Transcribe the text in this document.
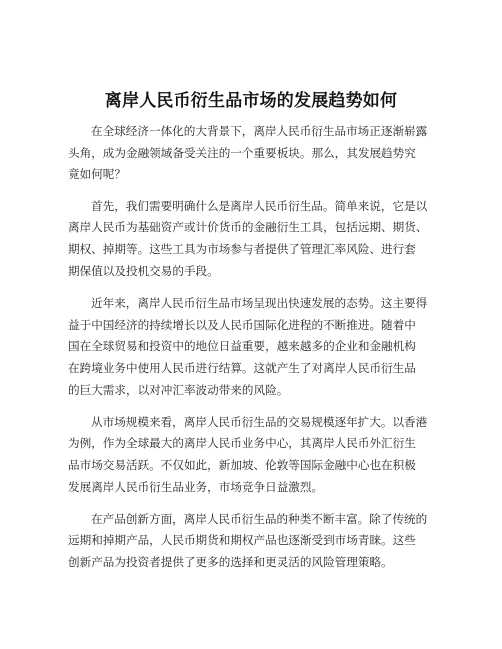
离岸人民币衍生品市场的发展趋势如何
在全球经济一体化的大背景下，离岸人民币衍生品市场正逐渐崭露
头角，成为金融领域备受关注的一个重要板块。那么，其发展趋势究
竟如何呢？
首先，我们需要明确什么是离岸人民币衍生品。简单来说，它是以
离岸人民币为基础资产或计价货币的金融衍生工具，包括远期、期货、
期权、掉期等。这些工具为市场参与者提供了管理汇率风险、进行套
期保值以及投机交易的手段。
近年来，离岸人民币衍生品市场呈现出快速发展的态势。这主要得
益于中国经济的持续增长以及人民币国际化进程的不断推进。随着中
国在全球贸易和投资中的地位日益重要，越来越多的企业和金融机构
在跨境业务中使用人民币进行结算。这就产生了对离岸人民币衍生品
的巨大需求，以对冲汇率波动带来的风险。
从市场规模来看，离岸人民币衍生品的交易规模逐年扩大。以香港
为例，作为全球最大的离岸人民币业务中心，其离岸人民币外汇衍生
品市场交易活跃。不仅如此，新加坡、伦敦等国际金融中心也在积极
发展离岸人民币衍生品业务，市场竞争日益激烈。
在产品创新方面，离岸人民币衍生品的种类不断丰富。除了传统的
远期和掉期产品，人民币期货和期权产品也逐渐受到市场青睐。这些
创新产品为投资者提供了更多的选择和更灵活的风险管理策略。
